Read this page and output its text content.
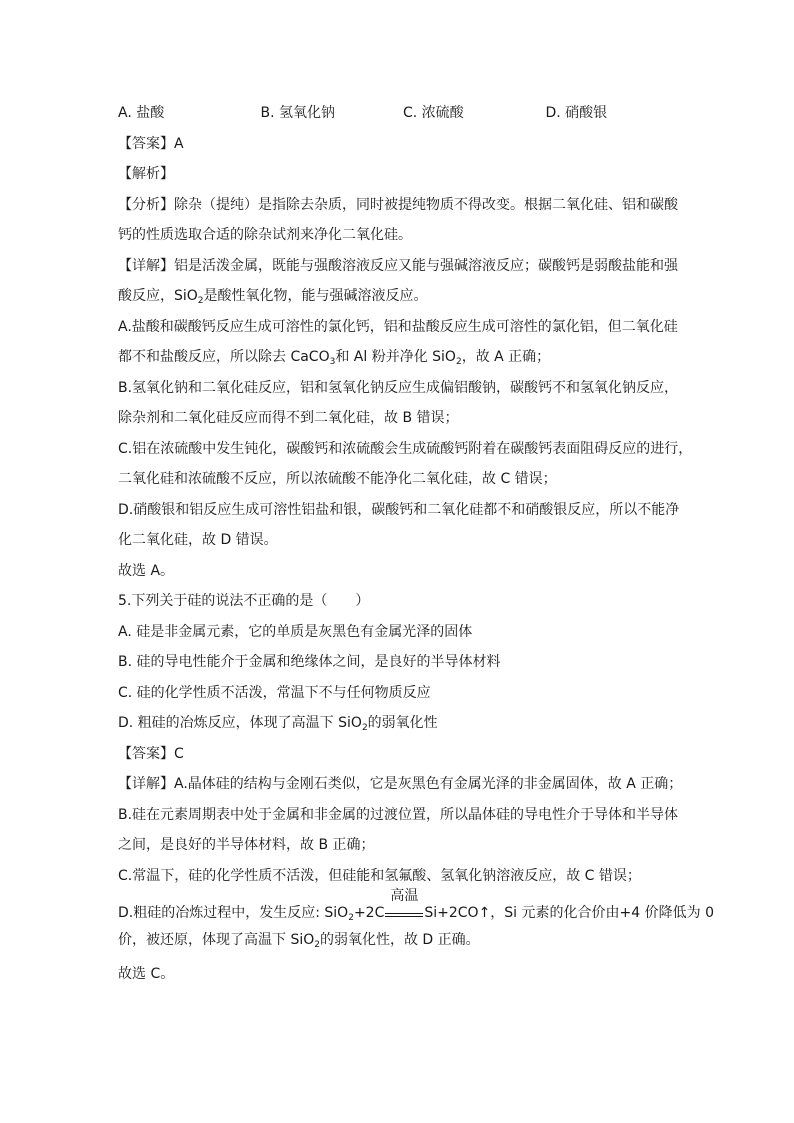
A. 盐酸	B. 氢氧化钠	C. 浓硫酸	D. 硝酸银
【答案】A
【解析】
【分析】除杂（提纯）是指除去杂质，同时被提纯物质不得改变。根据二氧化硅、铝和碳酸
钙的性质选取合适的除杂试剂来净化二氧化硅。
【详解】铝是活泼金属，既能与强酸溶液反应又能与强碱溶液反应；碳酸钙是弱酸盐能和强
酸反应，SiO$_2$是酸性氧化物，能与强碱溶液反应。
A.盐酸和碳酸钙反应生成可溶性的氯化钙，铝和盐酸反应生成可溶性的氯化铝，但二氧化硅
都不和盐酸反应，所以除去 CaCO$_3$和 Al 粉并净化 SiO$_2$，故 A 正确；
B.氢氧化钠和二氧化硅反应，铝和氢氧化钠反应生成偏铝酸钠，碳酸钙不和氢氧化钠反应，
除杂剂和二氧化硅反应而得不到二氧化硅，故 B 错误；
C.铝在浓硫酸中发生钝化，碳酸钙和浓硫酸会生成硫酸钙附着在碳酸钙表面阻碍反应的进行，
二氧化硅和浓硫酸不反应，所以浓硫酸不能净化二氧化硅，故 C 错误；
D.硝酸银和铝反应生成可溶性铝盐和银，碳酸钙和二氧化硅都不和硝酸银反应，所以不能净
化二氧化硅，故 D 错误。
故选 A。
5.下列关于硅的说法不正确的是（　　）
A. 硅是非金属元素，它的单质是灰黑色有金属光泽的固体
B. 硅的导电性能介于金属和绝缘体之间，是良好的半导体材料
C. 硅的化学性质不活泼，常温下不与任何物质反应
D. 粗硅的冶炼反应，体现了高温下 SiO$_2$的弱氧化性
【答案】C
【详解】A.晶体硅的结构与金刚石类似，它是灰黑色有金属光泽的非金属固体，故 A 正确；
B.硅在元素周期表中处于金属和非金属的过渡位置，所以晶体硅的导电性介于导体和半导体
之间，是良好的半导体材料，故 B 正确；
C.常温下，硅的化学性质不活泼，但硅能和氢氟酸、氢氧化钠溶液反应，故 C 错误；
D.粗硅的冶炼过程中，发生反应: SiO$_2$+2C
高温
Si+2CO↑，Si 元素的化合价由+4 价降低为 0
价，被还原，体现了高温下 SiO$_2$的弱氧化性，故 D 正确。
故选 C。
